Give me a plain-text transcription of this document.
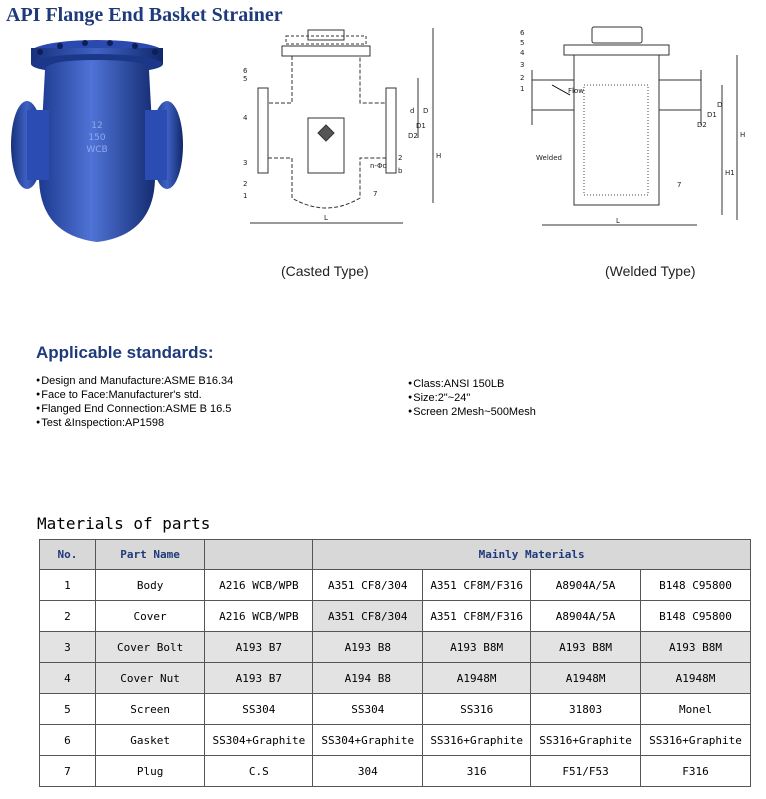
API Flange End Basket Strainer
12
150
WCB
6
5
4
3
2
1	7
L
d D
D1
D2
H
n-Φd
2
b
6
5
4
3
2
1
7
Flow
Welded
L
H
H1
D
D1
D2
(Casted Type)	(Welded Type)
Applicable standards:
● Design and Manufacture:ASME B16.34
● Face to Face:Manufacturer's std.
● Flanged End Connection:ASME B 16.5
● Test &Inspection:AP1598
● Class:ANSI 150LB
● Size:2"~24"
● Screen 2Mesh~500Mesh
Materials of parts
No.	Part Name		Mainly Materials			
1	Body	A216 WCB/WPB	A351 CF8/304	A351 CF8M/F316	A8904A/5A	B148 C95800
2	Cover	A216 WCB/WPB	A351 CF8/304	A351 CF8M/F316	A8904A/5A	B148 C95800
3	Cover Bolt	A193 B7	A193 B8	A193 B8M	A193 B8M	A193 B8M
4	Cover Nut	A193 B7	A194 B8	A1948M	A1948M	A1948M
5	Screen	SS304	SS304	SS316	31803	Monel
6	Gasket	SS304+Graphite	SS304+Graphite	SS316+Graphite	SS316+Graphite	SS316+Graphite
7	Plug	C.S	304	316	F51/F53	F316
